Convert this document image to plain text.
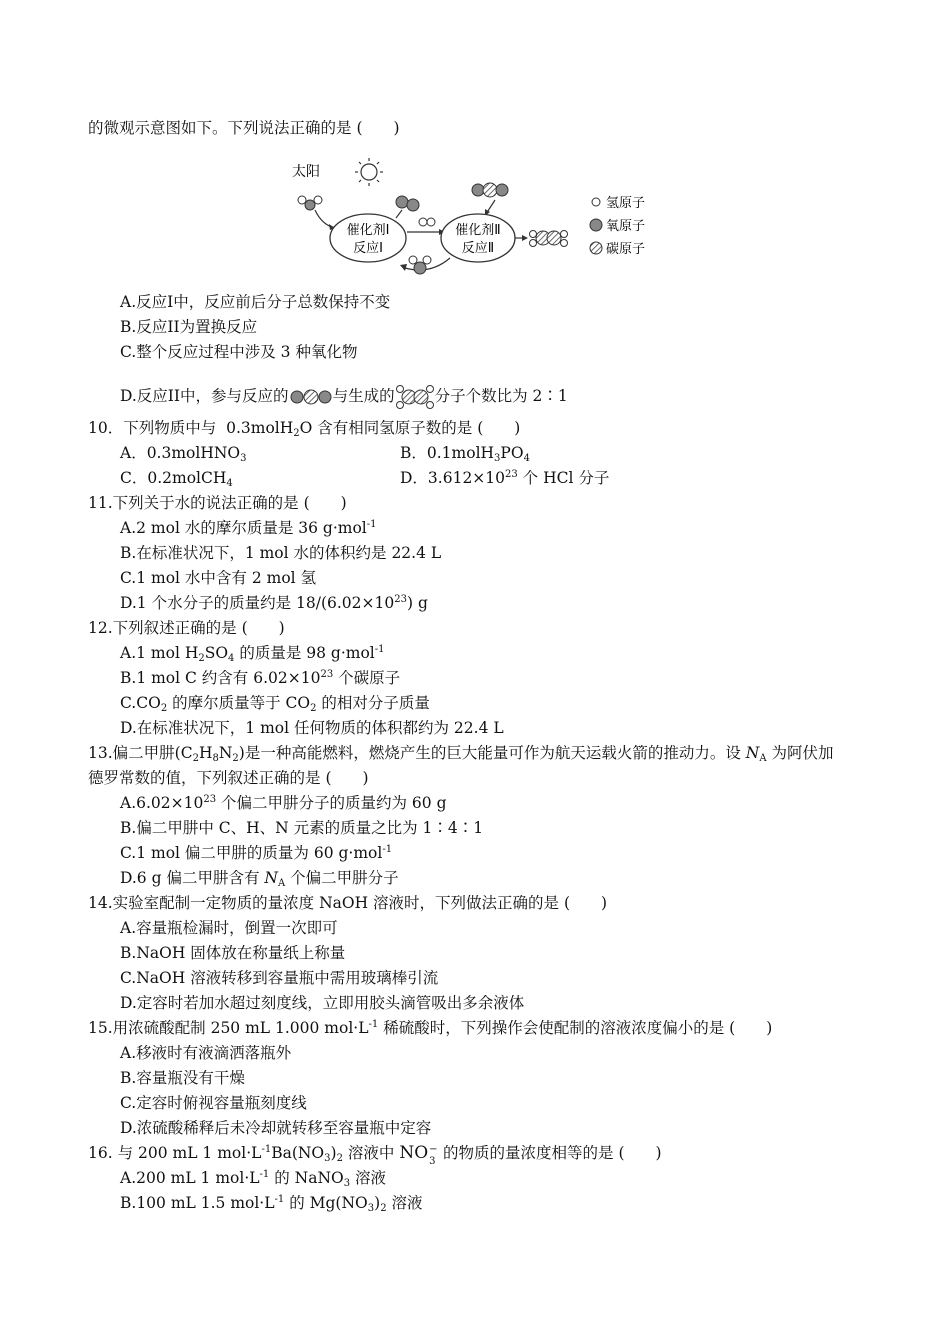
的微观示意图如下。下列说法正确的是 (  )
太阳
催化剂Ⅰ
反应Ⅰ
催化剂Ⅱ
反应Ⅱ
氢原子
氧原子
碳原子
A.反应I中，反应前后分子总数保持不变
B.反应II为置换反应
C.整个反应过程中涉及 3 种氧化物
D.反应II中，参与反应的	与生成的	分子个数比为 2∶1
10．下列物质中与 0.3molH$_2$O 含有相同氢原子数的是 (  )
A．0.3molHNO$_3$	B．$0.1molH_3PO_4$
C．0.2molCH$_4$	D．$3.612\times 10^{23}$ 个 HCl 分子
11.下列关于水的说法正确的是 (  )
A.2 mol 水的摩尔质量是 36 g·mol$^{-1}$
B.在标准状况下，1 mol 水的体积约是 22.4 L
C.1 mol 水中含有 2 mol 氢
D.1 个水分子的质量约是 $18/(6.02\times 10^{23})$ g
12.下列叙述正确的是 (  )
A.1 mol $H_2SO_4$ 的质量是 98 g·mol$^{-1}$
B.1 mol C 约含有 $6.02\times 10^{23}$ 个碳原子
$C.CO_2$ 的摩尔质量等于 $CO_2$ 的相对分子质量
D.在标准状况下，1 mol 任何物质的体积都约为 22.4 L
13.偏二甲肼$(C_2H_8N_2)$是一种高能燃料，燃烧产生的巨大能量可作为航天运载火箭的推动力。设 $N_A$ 为阿伏加
德罗常数的值，下列叙述正确的是 (  )
$A.6.02\times 10^{23}$ 个偏二甲肼分子的质量约为 60 g
B.偏二甲肼中 C、H、N 元素的质量之比为 1∶4∶1
C.1 mol 偏二甲肼的质量为 60 g·mol$^{-1}$
D.6 g 偏二甲肼含有 $N_A$ 个偏二甲肼分子
14.实验室配制一定物质的量浓度 NaOH 溶液时，下列做法正确的是 (  )
A.容量瓶检漏时，倒置一次即可
B.NaOH 固体放在称量纸上称量
C.NaOH 溶液转移到容量瓶中需用玻璃棒引流
D.定容时若加水超过刻度线，立即用胶头滴管吸出多余液体
15.用浓硫酸配制 250 mL 1.000 $mol\cdot L^{-1}$ 稀硫酸时，下列操作会使配制的溶液浓度偏小的是 (  )
A.移液时有液滴洒落瓶外
B.容量瓶没有干燥
C.定容时俯视容量瓶刻度线
D.浓硫酸稀释后未冷却就转移至容量瓶中定容
16. 与 200 mL 1 $mol\cdot L^{-1}Ba(NO_3)_2$ 溶液中 NO −
3 的物质的量浓度相等的是 (  )
A.200 mL 1 $mol\cdot L^{-1}$ 的 NaNO$_3$ 溶液
B.100 mL 1.5 $mol\cdot L^{-1}$ 的 $Mg(NO_3)_2$ 溶液
